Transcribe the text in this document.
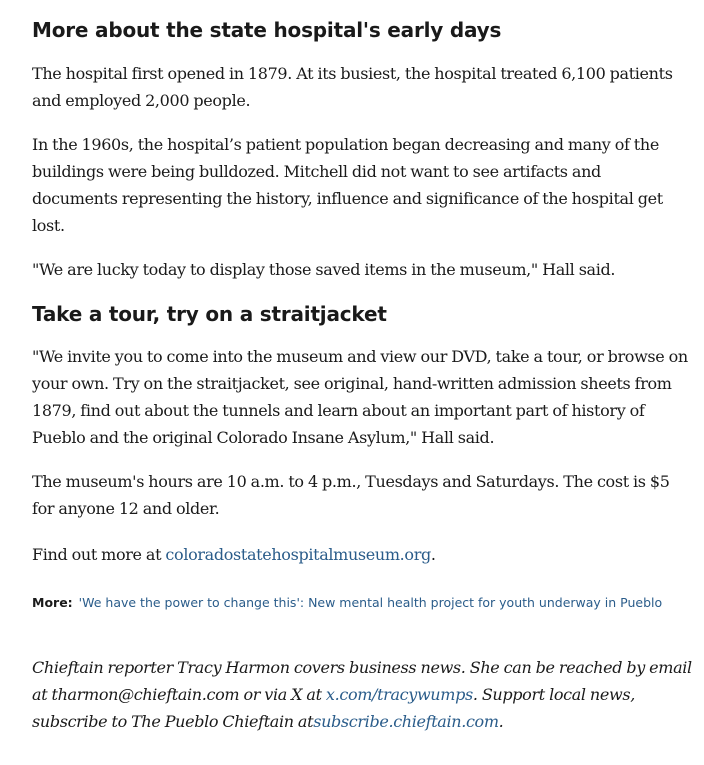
More about the state hospital's early days

The hospital first opened in 1879. At its busiest, the hospital treated 6,100 patients and employed 2,000 people.

In the 1960s, the hospital’s patient population began decreasing and many of the buildings were being bulldozed. Mitchell did not want to see artifacts and documents representing the history, influence and significance of the hospital get lost.

"We are lucky today to display those saved items in the museum," Hall said.

Take a tour, try on a straitjacket

"We invite you to come into the museum and view our DVD, take a tour, or browse on your own. Try on the straitjacket, see original, hand-written admission sheets from 1879, find out about the tunnels and learn about an important part of history of Pueblo and the original Colorado Insane Asylum," Hall said.

The museum's hours are 10 a.m. to 4 p.m., Tuesdays and Saturdays. The cost is $5 for anyone 12 and older.

Find out more at coloradostatehospitalmuseum.org.

More: 'We have the power to change this': New mental health project for youth underway in Pueblo

Chieftain reporter Tracy Harmon covers business news. She can be reached by email at tharmon@chieftain.com or via X at x.com/tracywumps. Support local news, subscribe to The Pueblo Chieftain atsubscribe.chieftain.com.
